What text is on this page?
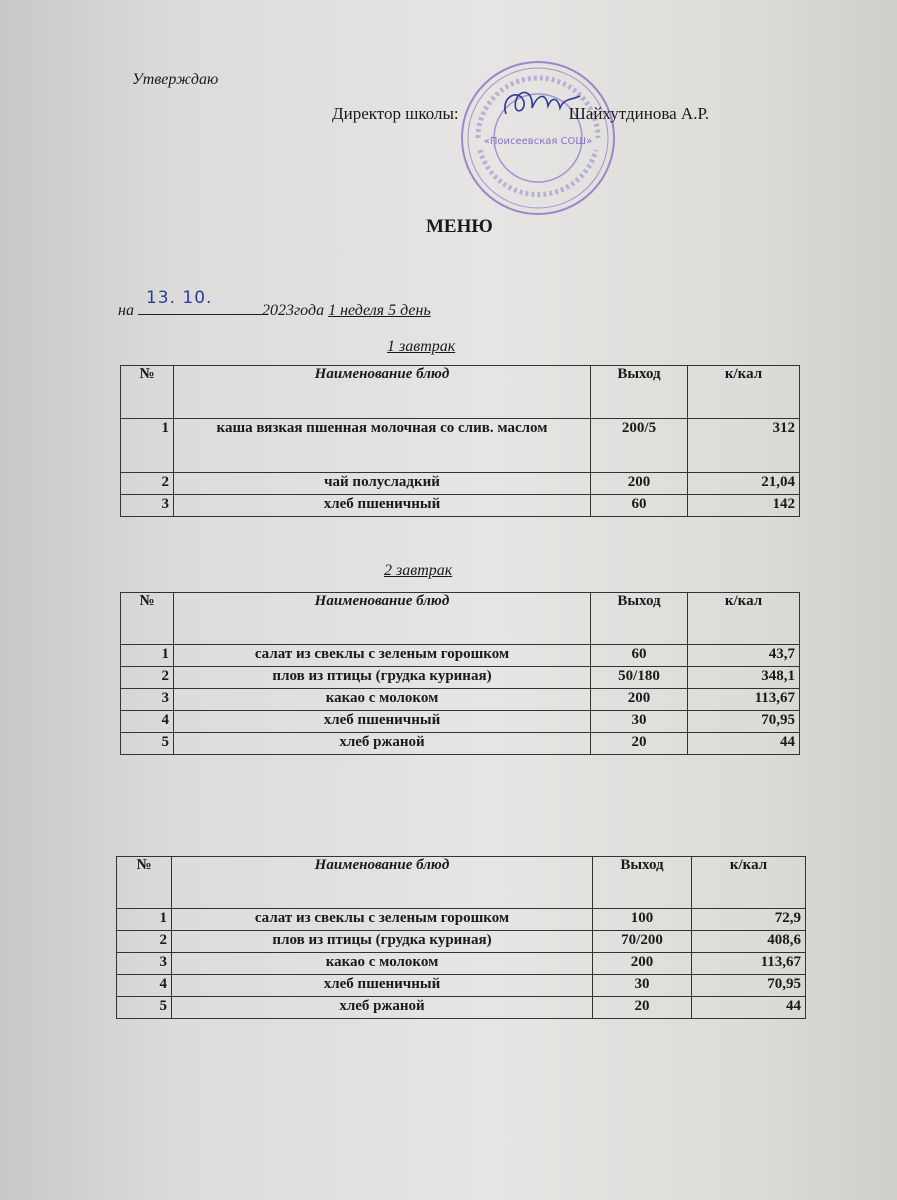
Утверждаю
«Поисеевская СОШ»
Директор школы:	Шайхутдинова А.Р.
МЕНЮ
на
13. 10.
2023года 1 неделя 5 день
1 завтрак
№	Наименование блюд	Выход	к/кал
1	каша вязкая пшенная молочная со слив. маслом	200/5	312
2	чай полусладкий	200	21,04
3	хлеб пшеничный	60	142
2 завтрак
№	Наименование блюд	Выход	к/кал
1	салат из свеклы с зеленым горошком	60	43,7
2	плов из птицы (грудка куриная)	50/180	348,1
3	какао с молоком	200	113,67
4	хлеб пшеничный	30	70,95
5	хлеб ржаной	20	44
№	Наименование блюд	Выход	к/кал
1	салат из свеклы с зеленым горошком	100	72,9
2	плов из птицы (грудка куриная)	70/200	408,6
3	какао с молоком	200	113,67
4	хлеб пшеничный	30	70,95
5	хлеб ржаной	20	44
